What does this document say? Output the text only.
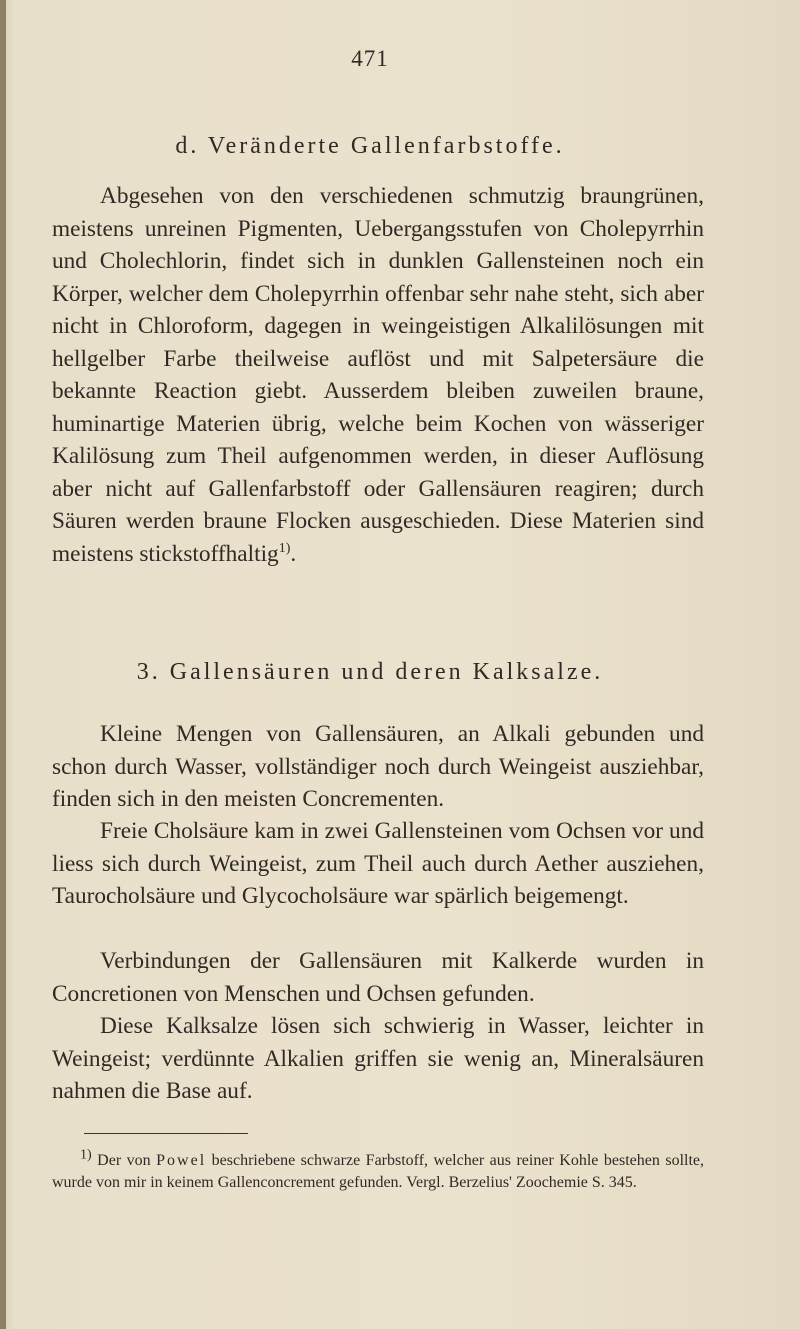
471
d. Veränderte Gallenfarbstoffe.

Abgesehen von den verschiedenen schmutzig braungrünen, meistens unreinen Pigmenten, Uebergangsstufen von Cholepyrrhin und Cholechlorin, findet sich in dunklen Gallensteinen noch ein Körper, welcher dem Cholepyrrhin offenbar sehr nahe steht, sich aber nicht in Chloroform, dagegen in weingeistigen Alkalilösungen mit hellgelber Farbe theilweise auflöst und mit Salpetersäure die bekannte Reaction giebt. Ausserdem bleiben zuweilen braune, huminartige Materien übrig, welche beim Kochen von wässeriger Kalilösung zum Theil aufgenommen werden, in dieser Auflösung aber nicht auf Gallenfarbstoff oder Gallensäuren reagiren; durch Säuren werden braune Flocken ausgeschieden. Diese Materien sind meistens stickstoffhaltig$^{1)}$.

3. Gallensäuren und deren Kalksalze.

Kleine Mengen von Gallensäuren, an Alkali gebunden und schon durch Wasser, vollständiger noch durch Weingeist ausziehbar, finden sich in den meisten Concrementen.

Freie Cholsäure kam in zwei Gallensteinen vom Ochsen vor und liess sich durch Weingeist, zum Theil auch durch Aether ausziehen, Taurocholsäure und Glycocholsäure war spärlich beigemengt.

Verbindungen der Gallensäuren mit Kalkerde wurden in Concretionen von Menschen und Ochsen gefunden.

Diese Kalksalze lösen sich schwierig in Wasser, leichter in Weingeist; verdünnte Alkalien griffen sie wenig an, Mineralsäuren nahmen die Base auf.

$^{1)}$ Der von Powel beschriebene schwarze Farbstoff, welcher aus reiner Kohle bestehen sollte, wurde von mir in keinem Gallenconcrement gefunden. Vergl. Berzelius' Zoochemie S. 345.
